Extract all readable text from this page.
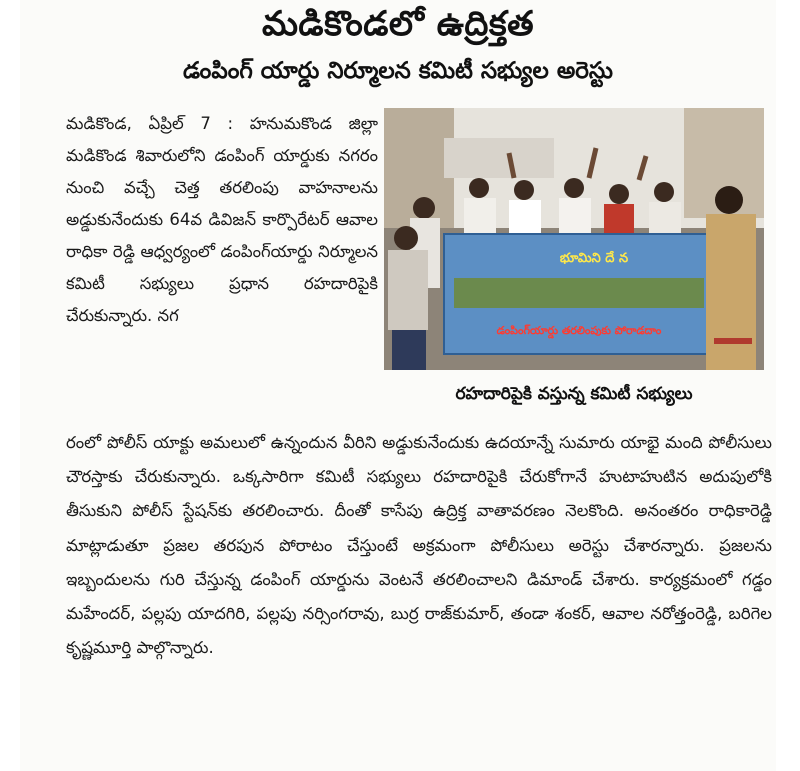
మడికొండలో ఉద్రిక్తత
డంపింగ్ యార్డు నిర్మూలన కమిటీ సభ్యుల అరెస్టు

మడికొండ, ఏప్రిల్ 7 : హనుమకొండ జిల్లా మడికొండ శివారులోని డంపింగ్ యార్డుకు నగరం నుంచి వచ్చే చెత్త తరలింపు వాహనాలను అడ్డుకునేందుకు 64వ డివిజన్ కార్పొరేటర్ ఆవాల రాధికా రెడ్డి ఆధ్వర్యంలో డంపింగ్‌యార్డు నిర్మూలన కమిటీ సభ్యులు ప్రధాన రహదారిపైకి చేరుకున్నారు. నగ

భూమిని దే న
డంపింగ్‌యార్డు తరలింపుకు పోరాడదాం
రహదారిపైకి వస్తున్న కమిటీ సభ్యులు

రంలో పోలీస్ యాక్టు అమలులో ఉన్నందున వీరిని అడ్డుకునేందుకు ఉదయాన్నే సుమారు యాభై మంది పోలీసులు చౌరస్తాకు చేరుకున్నారు. ఒక్కసారిగా కమిటీ సభ్యులు రహదారిపైకి చేరుకోగానే హుటాహుటిన అదుపులోకి తీసుకుని పోలీస్ స్టేషన్‌కు తరలించారు. దీంతో కాసేపు ఉద్రిక్త వాతావరణం నెలకొంది. అనంతరం రాధికారెడ్డి మాట్లాడుతూ ప్రజల తరపున పోరాటం చేస్తుంటే అక్రమంగా పోలీసులు అరెస్టు చేశారన్నారు. ప్రజలను ఇబ్బందులను గురి చేస్తున్న డంపింగ్ యార్డును వెంటనే తరలించాలని డిమాండ్ చేశారు. కార్యక్రమంలో గడ్డం మహేందర్, పల్లపు యాదగిరి, పల్లపు నర్సింగరావు, బుర్ర రాజ్‌కుమార్, తండా శంకర్, ఆవాల నరోత్తంరెడ్డి, బరిగెల కృష్ణమూర్తి పాల్గొన్నారు.
